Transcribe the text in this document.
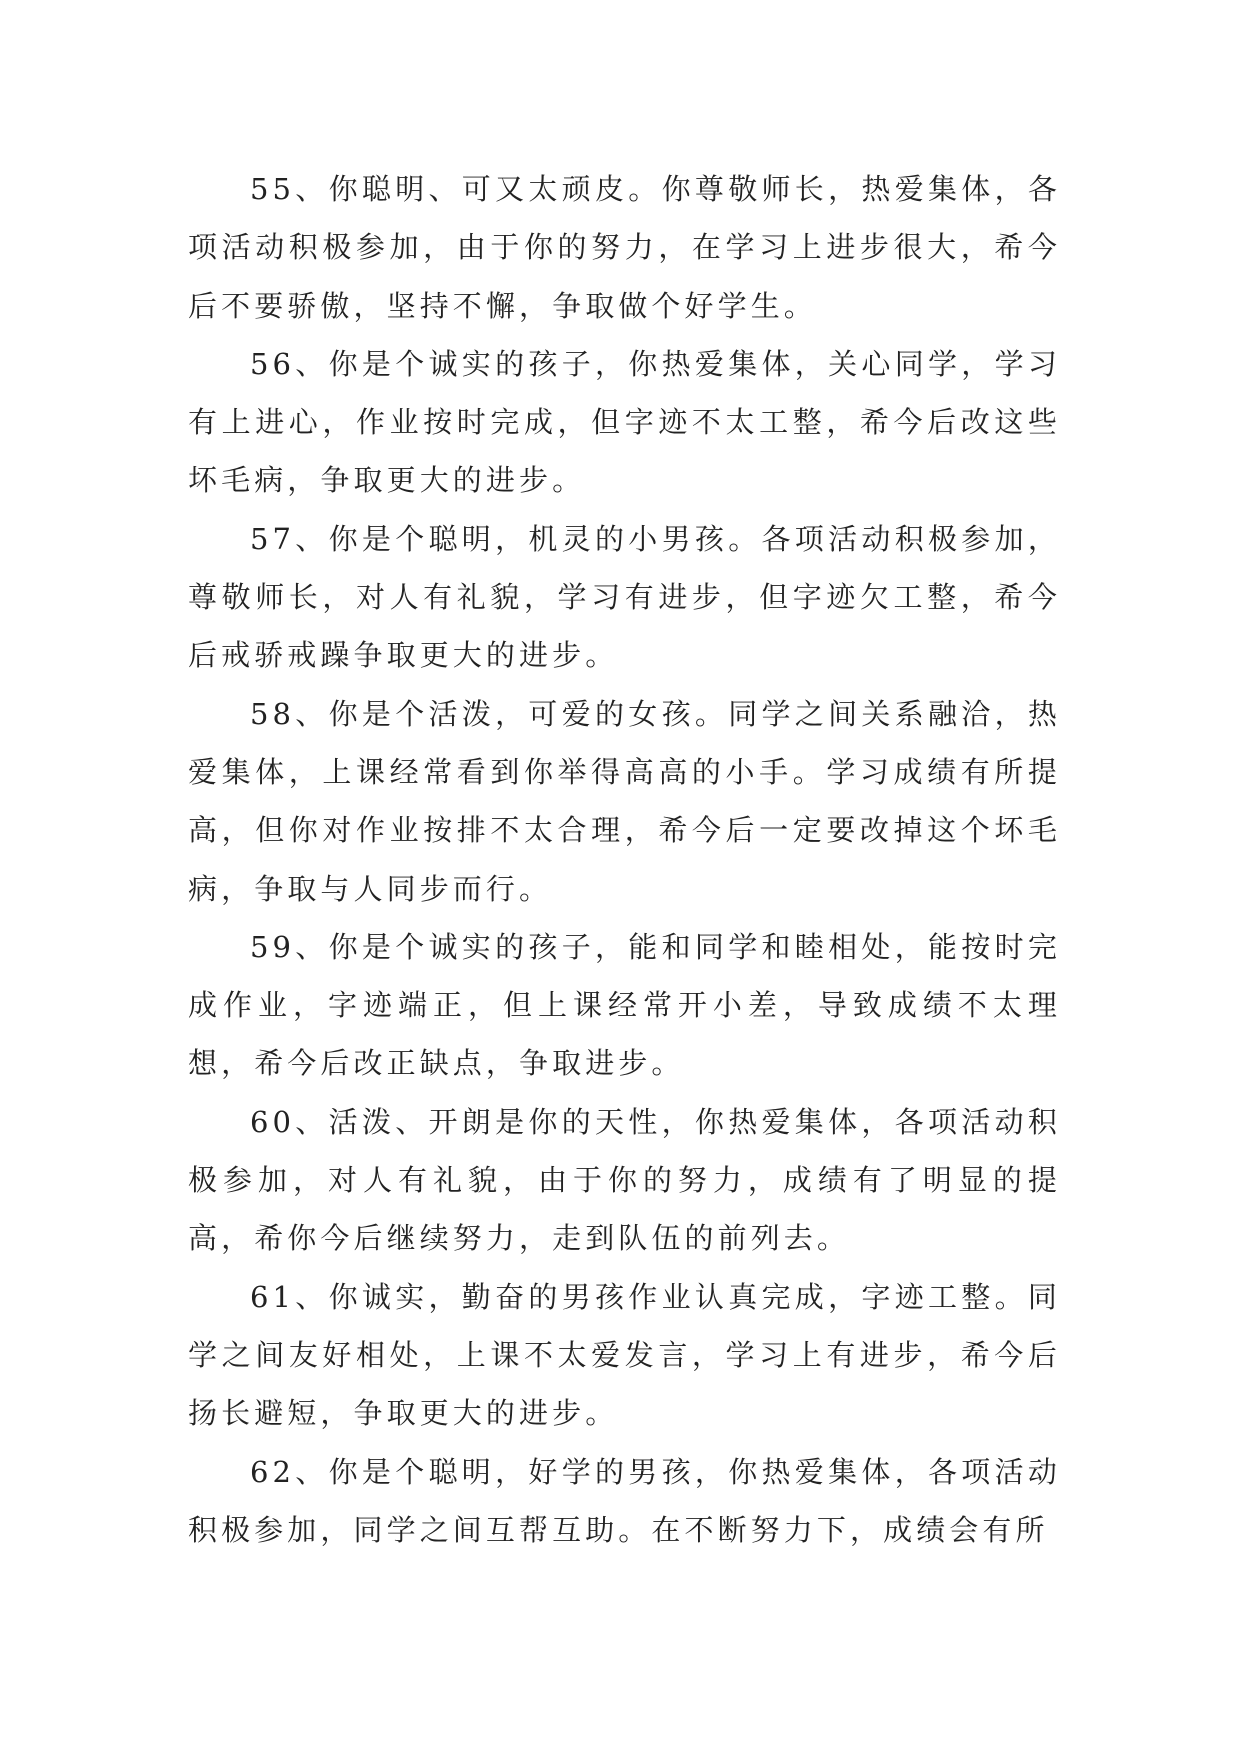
55、你聪明、可又太顽皮。你尊敬师长，热爱集体，各项活动积极参加，由于你的努力，在学习上进步很大，希今后不要骄傲，坚持不懈，争取做个好学生。

56、你是个诚实的孩子，你热爱集体，关心同学，学习有上进心，作业按时完成，但字迹不太工整，希今后改这些坏毛病，争取更大的进步。

57、你是个聪明，机灵的小男孩。各项活动积极参加，尊敬师长，对人有礼貌，学习有进步，但字迹欠工整，希今后戒骄戒躁争取更大的进步。

58、你是个活泼，可爱的女孩。同学之间关系融洽，热爱集体，上课经常看到你举得高高的小手。学习成绩有所提高，但你对作业按排不太合理，希今后一定要改掉这个坏毛病，争取与人同步而行。

59、你是个诚实的孩子，能和同学和睦相处，能按时完成作业，字迹端正，但上课经常开小差，导致成绩不太理想，希今后改正缺点，争取进步。

60、活泼、开朗是你的天性，你热爱集体，各项活动积极参加，对人有礼貌，由于你的努力，成绩有了明显的提高，希你今后继续努力，走到队伍的前列去。

61、你诚实，勤奋的男孩作业认真完成，字迹工整。同学之间友好相处，上课不太爱发言，学习上有进步，希今后扬长避短，争取更大的进步。

62、你是个聪明，好学的男孩，你热爱集体，各项活动积极参加，同学之间互帮互助。在不断努力下，成绩会有所
